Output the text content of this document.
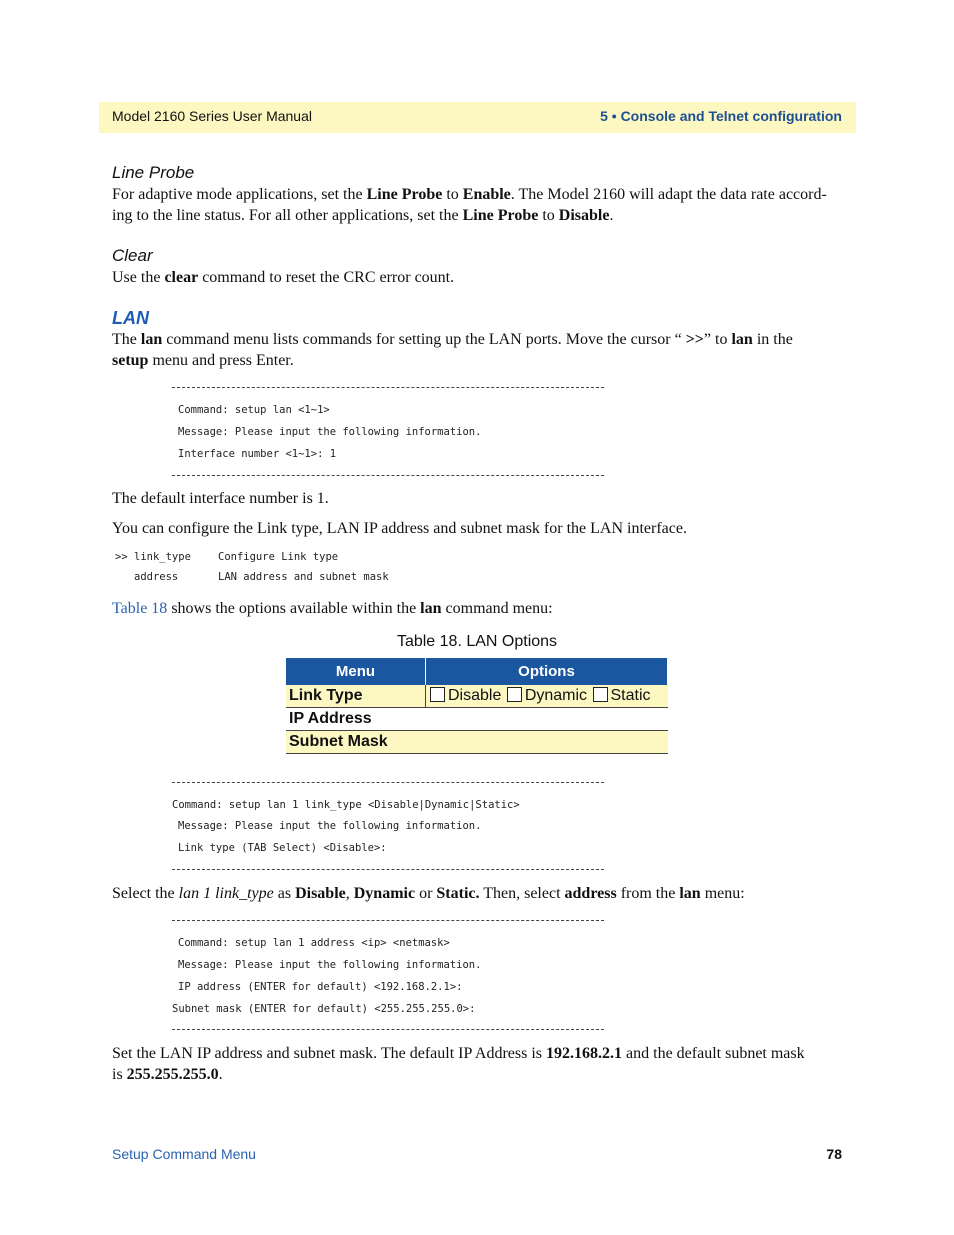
Model 2160 Series User Manual	5 • Console and Telnet configuration
Line Probe
For adaptive mode applications, set the Line Probe to Enable. The Model 2160 will adapt the data rate accord-
ing to the line status. For all other applications, set the Line Probe to Disable.
Clear
Use the clear command to reset the CRC error count.
LAN
The lan command menu lists commands for setting up the LAN ports. Move the cursor “ >>” to lan in the
setup menu and press Enter.
Command: setup lan <1~1>
Message: Please input the following information.
Interface number <1~1>: 1
The default interface number is 1.
You can configure the Link type, LAN IP address and subnet mask for the LAN interface.
>> link_type	Configure Link type
address	LAN address and subnet mask
Table 18 shows the options available within the lan command menu:
Table 18. LAN Options
Menu	Options
Link Type	Disable Dynamic Static
IP Address	
Subnet Mask	
Command: setup lan 1 link_type <Disable|Dynamic|Static>
Message: Please input the following information.
Link type (TAB Select) <Disable>:
Select the lan 1 link_type as Disable, Dynamic or Static. Then, select address from the lan menu:
Command: setup lan 1 address <ip> <netmask>
Message: Please input the following information.
IP address (ENTER for default) <192.168.2.1>:
Subnet mask (ENTER for default) <255.255.255.0>:
Set the LAN IP address and subnet mask. The default IP Address is 192.168.2.1 and the default subnet mask
is 255.255.255.0.
Setup Command Menu	78
